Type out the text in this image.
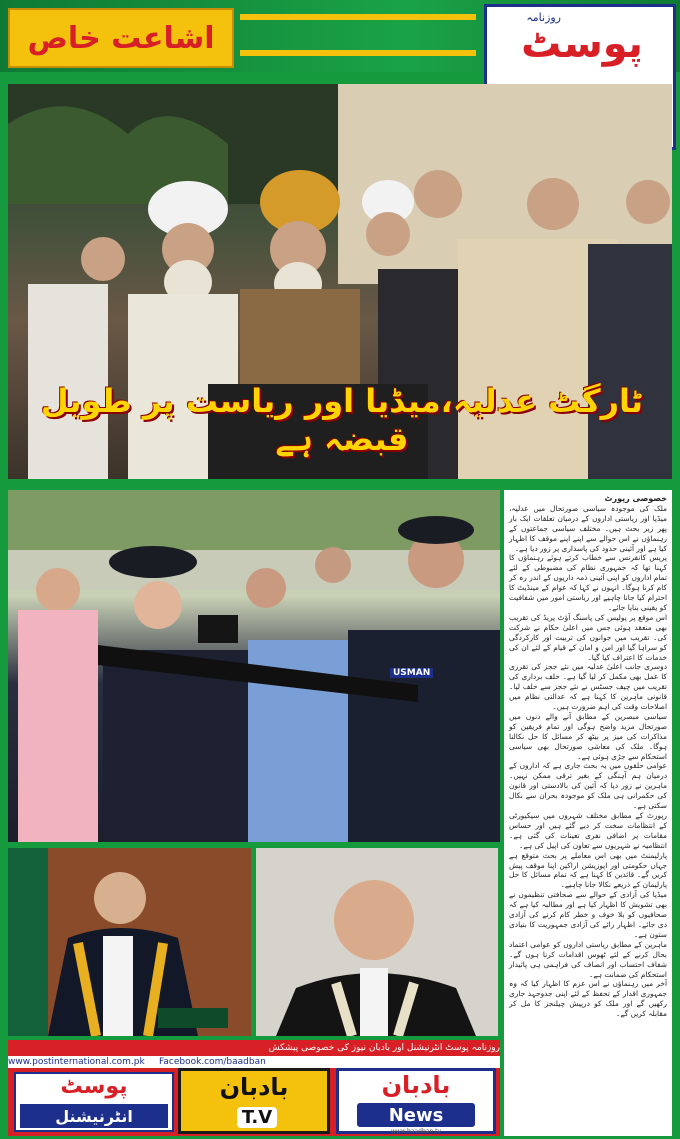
اشاعت خاص
روزنامہ
پوسٹ
ٹارگٹ عدلیہ،میڈیا اور ریاست پر طویل قبضہ ہے
USMAN

خصوصی رپورٹ

ملک کی موجودہ سیاسی صورتحال میں عدلیہ، میڈیا اور ریاستی اداروں کے درمیان تعلقات ایک بار پھر زیر بحث ہیں۔ مختلف سیاسی جماعتوں کے رہنماؤں نے اس حوالے سے اپنے اپنے موقف کا اظہار کیا ہے اور آئینی حدود کی پاسداری پر زور دیا ہے۔

پریس کانفرنس سے خطاب کرتے ہوئے رہنماؤں کا کہنا تھا کہ جمہوری نظام کی مضبوطی کے لئے تمام اداروں کو اپنی آئینی ذمہ داریوں کے اندر رہ کر کام کرنا ہوگا۔ انہوں نے کہا کہ عوام کے مینڈیٹ کا احترام کیا جانا چاہیے اور ریاستی امور میں شفافیت کو یقینی بنایا جائے۔

اس موقع پر پولیس کی پاسنگ آؤٹ پریڈ کی تقریب بھی منعقد ہوئی جس میں اعلیٰ حکام نے شرکت کی۔ تقریب میں جوانوں کی تربیت اور کارکردگی کو سراہا گیا اور امن و امان کے قیام کے لئے ان کی خدمات کا اعتراف کیا گیا۔

دوسری جانب اعلیٰ عدلیہ میں نئے ججز کی تقرری کا عمل بھی مکمل کر لیا گیا ہے۔ حلف برداری کی تقریب میں چیف جسٹس نے نئے ججز سے حلف لیا۔ قانونی ماہرین کا کہنا ہے کہ عدالتی نظام میں اصلاحات وقت کی اہم ضرورت ہیں۔

سیاسی مبصرین کے مطابق آنے والے دنوں میں صورتحال مزید واضح ہوگی اور تمام فریقین کو مذاکرات کی میز پر بیٹھ کر مسائل کا حل نکالنا ہوگا۔ ملک کی معاشی صورتحال بھی سیاسی استحکام سے جڑی ہوئی ہے۔

عوامی حلقوں میں یہ بحث جاری ہے کہ اداروں کے درمیان ہم آہنگی کے بغیر ترقی ممکن نہیں۔ ماہرین نے زور دیا کہ آئین کی بالادستی اور قانون کی حکمرانی ہی ملک کو موجودہ بحران سے نکال سکتی ہے۔

رپورٹ کے مطابق مختلف شہروں میں سیکیورٹی کے انتظامات سخت کر دیے گئے ہیں اور حساس مقامات پر اضافی نفری تعینات کی گئی ہے۔ انتظامیہ نے شہریوں سے تعاون کی اپیل کی ہے۔

پارلیمنٹ میں بھی اس معاملے پر بحث متوقع ہے جہاں حکومتی اور اپوزیشن اراکین اپنا موقف پیش کریں گے۔ قائدین کا کہنا ہے کہ تمام مسائل کا حل پارلیمان کے ذریعے نکالا جانا چاہیے۔

میڈیا کی آزادی کے حوالے سے صحافتی تنظیموں نے بھی تشویش کا اظہار کیا ہے اور مطالبہ کیا ہے کہ صحافیوں کو بلا خوف و خطر کام کرنے کی آزادی دی جائے۔ اظہار رائے کی آزادی جمہوریت کا بنیادی ستون ہے۔

ماہرین کے مطابق ریاستی اداروں کو عوامی اعتماد بحال کرنے کے لئے ٹھوس اقدامات کرنا ہوں گے۔ شفاف احتساب اور انصاف کی فراہمی ہی پائیدار استحکام کی ضمانت ہے۔

آخر میں رہنماؤں نے اس عزم کا اظہار کیا کہ وہ جمہوری اقدار کے تحفظ کے لئے اپنی جدوجہد جاری رکھیں گے اور ملک کو درپیش چیلنجز کا مل کر مقابلہ کریں گے۔

روزنامہ پوسٹ انٹرنیشنل اور بادبان نیوز کی خصوصی پیشکش
www.postinternational.com.pk Facebook.com/baadban
پوسٹ
انٹرنیشنل
بادبان
T.V
بادبان
News
www.baadban.tv
